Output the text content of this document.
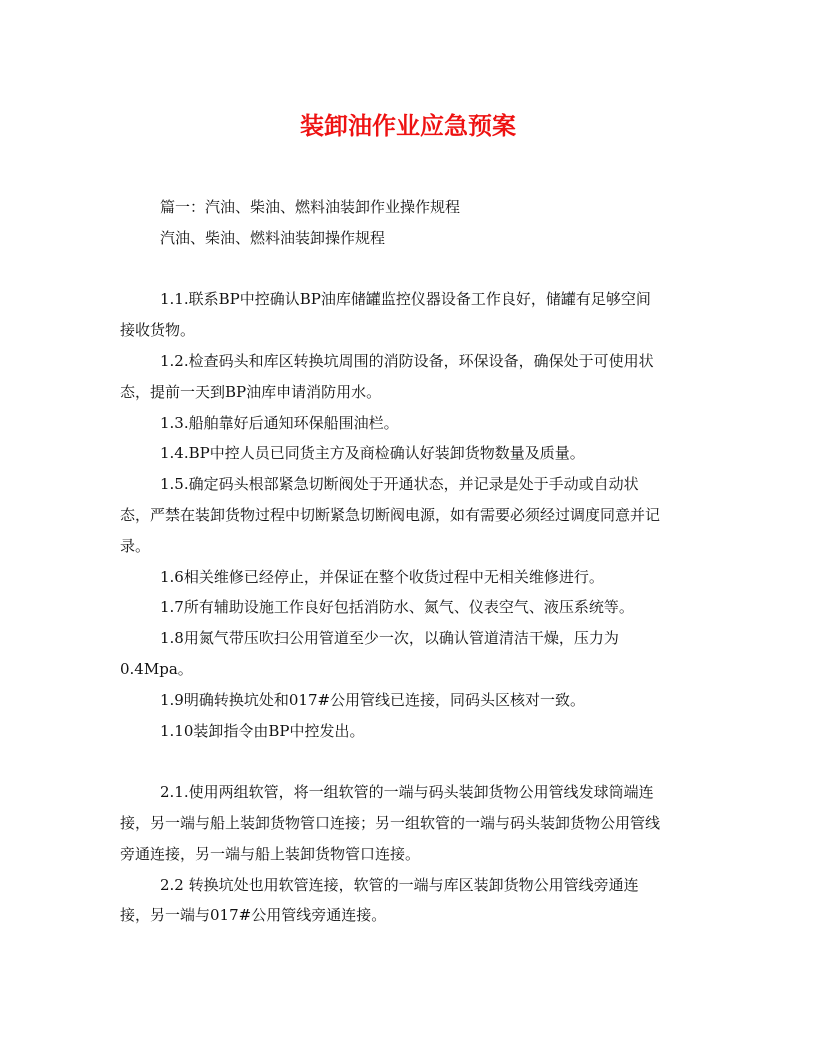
装卸油作业应急预案
篇一：汽油、柴油、燃料油装卸作业操作规程
汽油、柴油、燃料油装卸操作规程
1.1.联系BP中控确认BP油库储罐监控仪器设备工作良好，储罐有足够空间
接收货物。
1.2.检查码头和库区转换坑周围的消防设备，环保设备，确保处于可使用状
态，提前一天到BP油库申请消防用水。
1.3.船舶靠好后通知环保船围油栏。
1.4.BP中控人员已同货主方及商检确认好装卸货物数量及质量。
1.5.确定码头根部紧急切断阀处于开通状态，并记录是处于手动或自动状
态，严禁在装卸货物过程中切断紧急切断阀电源，如有需要必须经过调度同意并记
录。
1.6相关维修已经停止，并保证在整个收货过程中无相关维修进行。
1.7所有辅助设施工作良好包括消防水、氮气、仪表空气、液压系统等。
1.8用氮气带压吹扫公用管道至少一次，以确认管道清洁干燥，压力为
0.4Mpa。
1.9明确转换坑处和017#公用管线已连接，同码头区核对一致。
1.10装卸指令由BP中控发出。
2.1.使用两组软管，将一组软管的一端与码头装卸货物公用管线发球筒端连
接，另一端与船上装卸货物管口连接；另一组软管的一端与码头装卸货物公用管线
旁通连接，另一端与船上装卸货物管口连接。
2.2 转换坑处也用软管连接，软管的一端与库区装卸货物公用管线旁通连
接，另一端与017#公用管线旁通连接。
